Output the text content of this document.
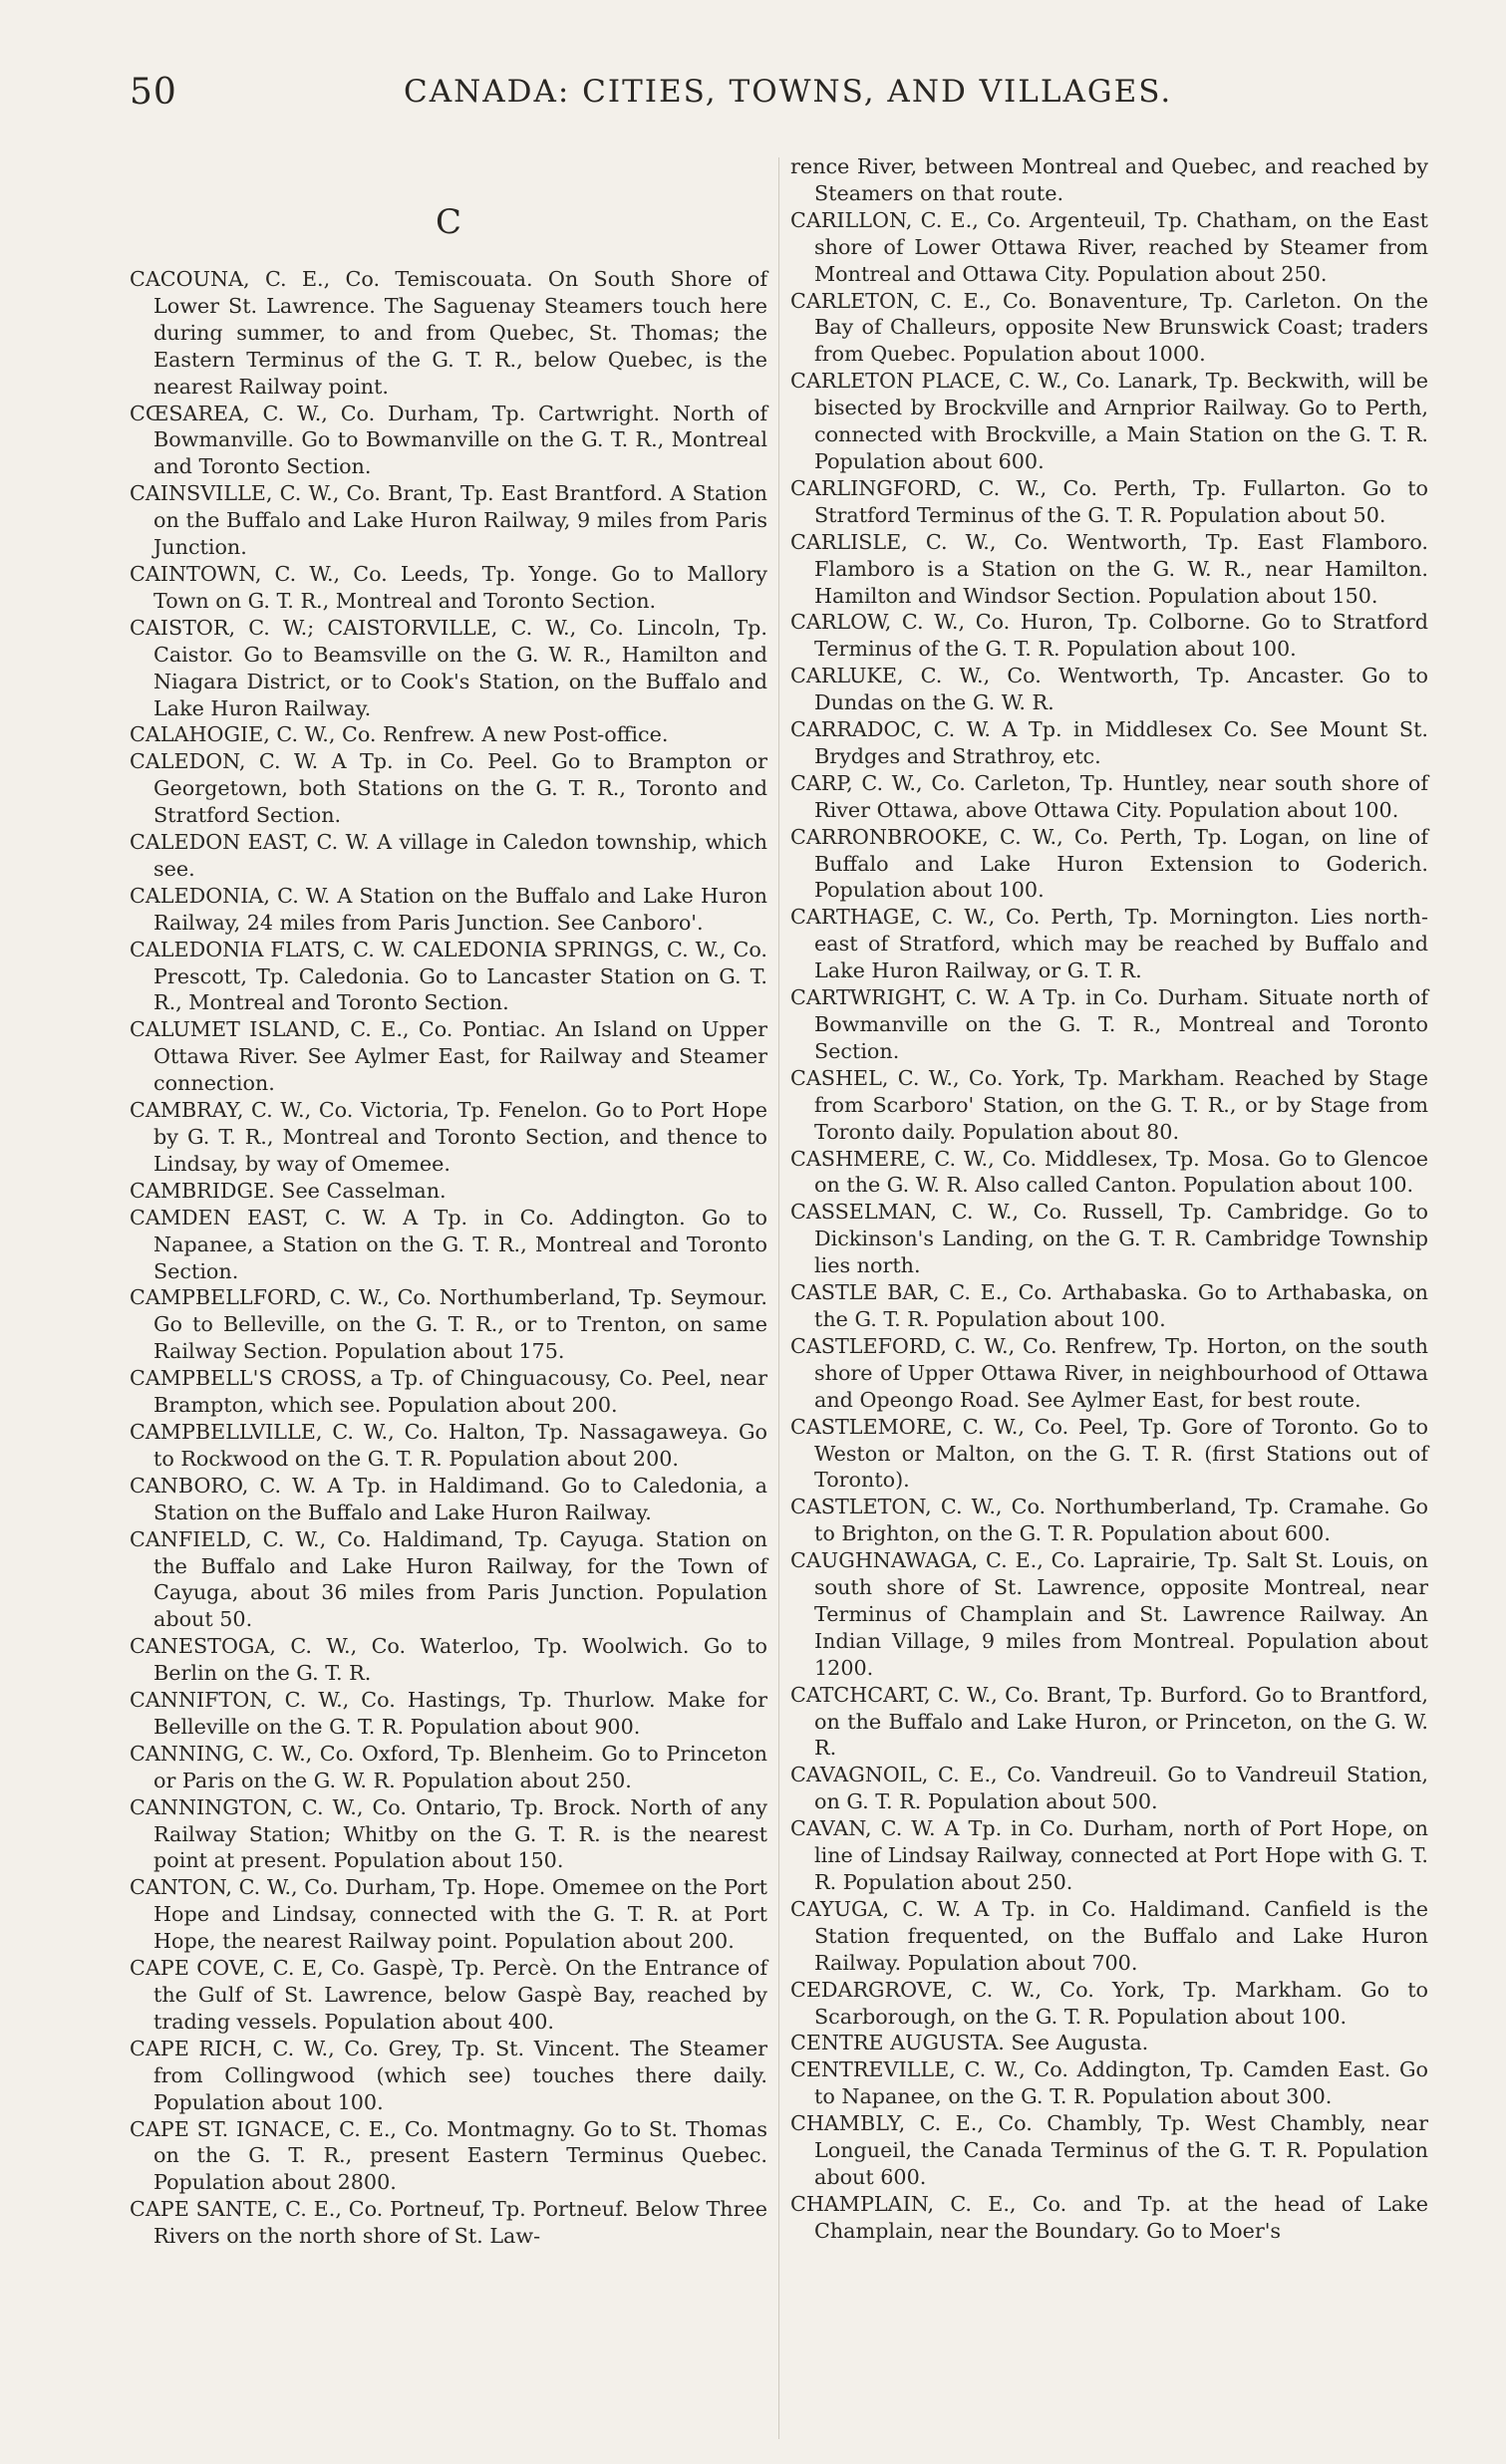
50	CANADA: CITIES, TOWNS, AND VILLAGES.
C

CACOUNA, C. E., Co. Temiscouata. On South Shore of Lower St. Lawrence. The Saguenay Steamers touch here during summer, to and from Quebec, St. Thomas; the Eastern Terminus of the G. T. R., below Quebec, is the nearest Railway point.

CŒSAREA, C. W., Co. Durham, Tp. Cartwright. North of Bowmanville. Go to Bowmanville on the G. T. R., Montreal and Toronto Section.

CAINSVILLE, C. W., Co. Brant, Tp. East Brantford. A Station on the Buffalo and Lake Huron Railway, 9 miles from Paris Junction.

CAINTOWN, C. W., Co. Leeds, Tp. Yonge. Go to Mallory Town on G. T. R., Montreal and Toronto Section.

CAISTOR, C. W.; CAISTORVILLE, C. W., Co. Lincoln, Tp. Caistor. Go to Beamsville on the G. W. R., Hamilton and Niagara District, or to Cook's Station, on the Buffalo and Lake Huron Railway.

CALAHOGIE, C. W., Co. Renfrew. A new Post-office.

CALEDON, C. W. A Tp. in Co. Peel. Go to Brampton or Georgetown, both Stations on the G. T. R., Toronto and Stratford Section.

CALEDON EAST, C. W. A village in Caledon township, which see.

CALEDONIA, C. W. A Station on the Buffalo and Lake Huron Railway, 24 miles from Paris Junction. See Canboro'.

CALEDONIA FLATS, C. W. CALEDONIA SPRINGS, C. W., Co. Prescott, Tp. Caledonia. Go to Lancaster Station on G. T. R., Montreal and Toronto Section.

CALUMET ISLAND, C. E., Co. Pontiac. An Island on Upper Ottawa River. See Aylmer East, for Railway and Steamer connection.

CAMBRAY, C. W., Co. Victoria, Tp. Fenelon. Go to Port Hope by G. T. R., Montreal and Toronto Section, and thence to Lindsay, by way of Omemee.

CAMBRIDGE. See Casselman.

CAMDEN EAST, C. W. A Tp. in Co. Addington. Go to Napanee, a Station on the G. T. R., Montreal and Toronto Section.

CAMPBELLFORD, C. W., Co. Northumberland, Tp. Seymour. Go to Belleville, on the G. T. R., or to Trenton, on same Railway Section. Population about 175.

CAMPBELL'S CROSS, a Tp. of Chinguacousy, Co. Peel, near Brampton, which see. Population about 200.

CAMPBELLVILLE, C. W., Co. Halton, Tp. Nassagaweya. Go to Rockwood on the G. T. R. Population about 200.

CANBORO, C. W. A Tp. in Haldimand. Go to Caledonia, a Station on the Buffalo and Lake Huron Railway.

CANFIELD, C. W., Co. Haldimand, Tp. Cayuga. Station on the Buffalo and Lake Huron Railway, for the Town of Cayuga, about 36 miles from Paris Junction. Population about 50.

CANESTOGA, C. W., Co. Waterloo, Tp. Woolwich. Go to Berlin on the G. T. R.

CANNIFTON, C. W., Co. Hastings, Tp. Thurlow. Make for Belleville on the G. T. R. Population about 900.

CANNING, C. W., Co. Oxford, Tp. Blenheim. Go to Princeton or Paris on the G. W. R. Population about 250.

CANNINGTON, C. W., Co. Ontario, Tp. Brock. North of any Railway Station; Whitby on the G. T. R. is the nearest point at present. Population about 150.

CANTON, C. W., Co. Durham, Tp. Hope. Omemee on the Port Hope and Lindsay, connected with the G. T. R. at Port Hope, the nearest Railway point. Population about 200.

CAPE COVE, C. E, Co. Gaspè, Tp. Percè. On the Entrance of the Gulf of St. Lawrence, below Gaspè Bay, reached by trading vessels. Population about 400.

CAPE RICH, C. W., Co. Grey, Tp. St. Vincent. The Steamer from Collingwood (which see) touches there daily. Population about 100.

CAPE ST. IGNACE, C. E., Co. Montmagny. Go to St. Thomas on the G. T. R., present Eastern Terminus Quebec. Population about 2800.

CAPE SANTE, C. E., Co. Portneuf, Tp. Portneuf. Below Three Rivers on the north shore of St. Law-

rence River, between Montreal and Quebec, and reached by Steamers on that route.

CARILLON, C. E., Co. Argenteuil, Tp. Chatham, on the East shore of Lower Ottawa River, reached by Steamer from Montreal and Ottawa City. Population about 250.

CARLETON, C. E., Co. Bonaventure, Tp. Carleton. On the Bay of Challeurs, opposite New Brunswick Coast; traders from Quebec. Population about 1000.

CARLETON PLACE, C. W., Co. Lanark, Tp. Beckwith, will be bisected by Brockville and Arnprior Railway. Go to Perth, connected with Brockville, a Main Station on the G. T. R. Population about 600.

CARLINGFORD, C. W., Co. Perth, Tp. Fullarton. Go to Stratford Terminus of the G. T. R. Population about 50.

CARLISLE, C. W., Co. Wentworth, Tp. East Flamboro. Flamboro is a Station on the G. W. R., near Hamilton. Hamilton and Windsor Section. Population about 150.

CARLOW, C. W., Co. Huron, Tp. Colborne. Go to Stratford Terminus of the G. T. R. Population about 100.

CARLUKE, C. W., Co. Wentworth, Tp. Ancaster. Go to Dundas on the G. W. R.

CARRADOC, C. W. A Tp. in Middlesex Co. See Mount St. Brydges and Strathroy, etc.

CARP, C. W., Co. Carleton, Tp. Huntley, near south shore of River Ottawa, above Ottawa City. Population about 100.

CARRONBROOKE, C. W., Co. Perth, Tp. Logan, on line of Buffalo and Lake Huron Extension to Goderich. Population about 100.

CARTHAGE, C. W., Co. Perth, Tp. Mornington. Lies north-east of Stratford, which may be reached by Buffalo and Lake Huron Railway, or G. T. R.

CARTWRIGHT, C. W. A Tp. in Co. Durham. Situate north of Bowmanville on the G. T. R., Montreal and Toronto Section.

CASHEL, C. W., Co. York, Tp. Markham. Reached by Stage from Scarboro' Station, on the G. T. R., or by Stage from Toronto daily. Population about 80.

CASHMERE, C. W., Co. Middlesex, Tp. Mosa. Go to Glencoe on the G. W. R. Also called Canton. Population about 100.

CASSELMAN, C. W., Co. Russell, Tp. Cambridge. Go to Dickinson's Landing, on the G. T. R. Cambridge Township lies north.

CASTLE BAR, C. E., Co. Arthabaska. Go to Arthabaska, on the G. T. R. Population about 100.

CASTLEFORD, C. W., Co. Renfrew, Tp. Horton, on the south shore of Upper Ottawa River, in neighbourhood of Ottawa and Opeongo Road. See Aylmer East, for best route.

CASTLEMORE, C. W., Co. Peel, Tp. Gore of Toronto. Go to Weston or Malton, on the G. T. R. (first Stations out of Toronto).

CASTLETON, C. W., Co. Northumberland, Tp. Cramahe. Go to Brighton, on the G. T. R. Population about 600.

CAUGHNAWAGA, C. E., Co. Laprairie, Tp. Salt St. Louis, on south shore of St. Lawrence, opposite Montreal, near Terminus of Champlain and St. Lawrence Railway. An Indian Village, 9 miles from Montreal. Population about 1200.

CATCHCART, C. W., Co. Brant, Tp. Burford. Go to Brantford, on the Buffalo and Lake Huron, or Princeton, on the G. W. R.

CAVAGNOIL, C. E., Co. Vandreuil. Go to Vandreuil Station, on G. T. R. Population about 500.

CAVAN, C. W. A Tp. in Co. Durham, north of Port Hope, on line of Lindsay Railway, connected at Port Hope with G. T. R. Population about 250.

CAYUGA, C. W. A Tp. in Co. Haldimand. Canfield is the Station frequented, on the Buffalo and Lake Huron Railway. Population about 700.

CEDARGROVE, C. W., Co. York, Tp. Markham. Go to Scarborough, on the G. T. R. Population about 100.

CENTRE AUGUSTA. See Augusta.

CENTREVILLE, C. W., Co. Addington, Tp. Camden East. Go to Napanee, on the G. T. R. Population about 300.

CHAMBLY, C. E., Co. Chambly, Tp. West Chambly, near Longueil, the Canada Terminus of the G. T. R. Population about 600.

CHAMPLAIN, C. E., Co. and Tp. at the head of Lake Champlain, near the Boundary. Go to Moer's
